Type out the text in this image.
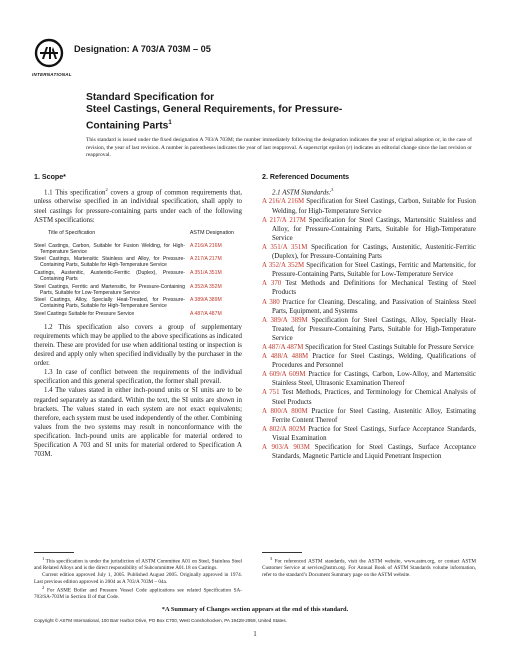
INTERNATIONAL
Designation: A 703/A 703M – 05
Standard Specification for
Steel Castings, General Requirements, for Pressure-
Containing Parts$^1$
This standard is issued under the fixed designation A 703/A 703M; the number immediately following the designation indicates the year of original adoption or, in the case of revision, the year of last revision. A number in parentheses indicates the year of last reapproval. A superscript epsilon (ε) indicates an editorial change since the last revision or reapproval.

1. Scope*

1.1 This specification$^2$ covers a group of common requirements that, unless otherwise specified in an individual specification, shall apply to steel castings for pressure-containing parts under each of the following ASTM specifications:

Title of Specification	ASTM Designation
Steel Castings, Carbon, Suitable for Fusion Welding, for High-Temperature Service
A 216/A 216M
Steel Castings, Martensitic Stainless and Alloy, for Pressure-Containing Parts, Suitable for High-Temperature Service
A 217/A 217M
Castings, Austenitic, Austenitic-Ferritic (Duplex), Pressure-Containing Parts
A 351/A 351M
Steel Castings, Ferritic and Martensitic, for Pressure-Containing Parts, Suitable for Low-Temperature Service
A 352/A 352M
Steel Castings, Alloy, Specially Heat-Treated, for Pressure-Containing Parts, Suitable for High-Temperature Service
A 389/A 389M
Steel Castings Suitable for Pressure Service	A 487/A 487M

1.2 This specification also covers a group of supplementary requirements which may be applied to the above specifications as indicated therein. These are provided for use when additional testing or inspection is desired and apply only when specified individually by the purchaser in the order.

1.3 In case of conflict between the requirements of the individual specification and this general specification, the former shall prevail.

1.4 The values stated in either inch-pound units or SI units are to be regarded separately as standard. Within the text, the SI units are shown in brackets. The values stated in each system are not exact equivalents; therefore, each system must be used independently of the other. Combining values from the two systems may result in nonconformance with the specification. Inch-pound units are applicable for material ordered to Specification A 703 and SI units for material ordered to Specification A 703M.

2. Referenced Documents

2.1 ASTM Standards:$^3$

A 216/A 216M Specification for Steel Castings, Carbon, Suitable for Fusion Welding, for High-Temperature Service

A 217/A 217M Specification for Steel Castings, Martensitic Stainless and Alloy, for Pressure-Containing Parts, Suitable for High-Temperature Service

A 351/A 351M Specification for Castings, Austenitic, Austenitic-Ferritic (Duplex), for Pressure-Containing Parts

A 352/A 352M Specification for Steel Castings, Ferritic and Martensitic, for Pressure-Containing Parts, Suitable for Low-Temperature Service

A 370 Test Methods and Definitions for Mechanical Testing of Steel Products

A 380 Practice for Cleaning, Descaling, and Passivation of Stainless Steel Parts, Equipment, and Systems

A 389/A 389M Specification for Steel Castings, Alloy, Specially Heat-Treated, for Pressure-Containing Parts, Suitable for High-Temperature Service

A 487/A 487M Specification for Steel Castings Suitable for Pressure Service

A 488/A 488M Practice for Steel Castings, Welding, Qualifications of Procedures and Personnel

A 609/A 609M Practice for Castings, Carbon, Low-Alloy, and Martensitic Stainless Steel, Ultrasonic Examination Thereof

A 751 Test Methods, Practices, and Terminology for Chemical Analysis of Steel Products

A 800/A 800M Practice for Steel Casting, Austenitic Alloy, Estimating Ferrite Content Thereof

A 802/A 802M Practice for Steel Castings, Surface Acceptance Standards, Visual Examination

A 903/A 903M Specification for Steel Castings, Surface Acceptance Standards, Magnetic Particle and Liquid Penetrant Inspection

$^1$ This specification is under the jurisdiction of ASTM Committee A01 on Steel, Stainless Steel and Related Alloys and is the direct responsibility of Subcommittee A01.18 on Castings.
Current edition approved July 1, 2005. Published August 2005. Originally approved in 1974. Last previous edition approved in 2004 as A 703/A 703M – 04a.
$^2$ For ASME Boiler and Pressure Vessel Code applications see related Specification SA-703/SA-703M in Section II of that Code.
$^3$ For referenced ASTM standards, visit the ASTM website, www.astm.org, or contact ASTM Customer Service at service@astm.org. For Annual Book of ASTM Standards volume information, refer to the standard’s Document Summary page on the ASTM website.
*A Summary of Changes section appears at the end of this standard.
Copyright © ASTM International, 100 Barr Harbor Drive, PO Box C700, West Conshohocken, PA 19428-2959, United States.
1
